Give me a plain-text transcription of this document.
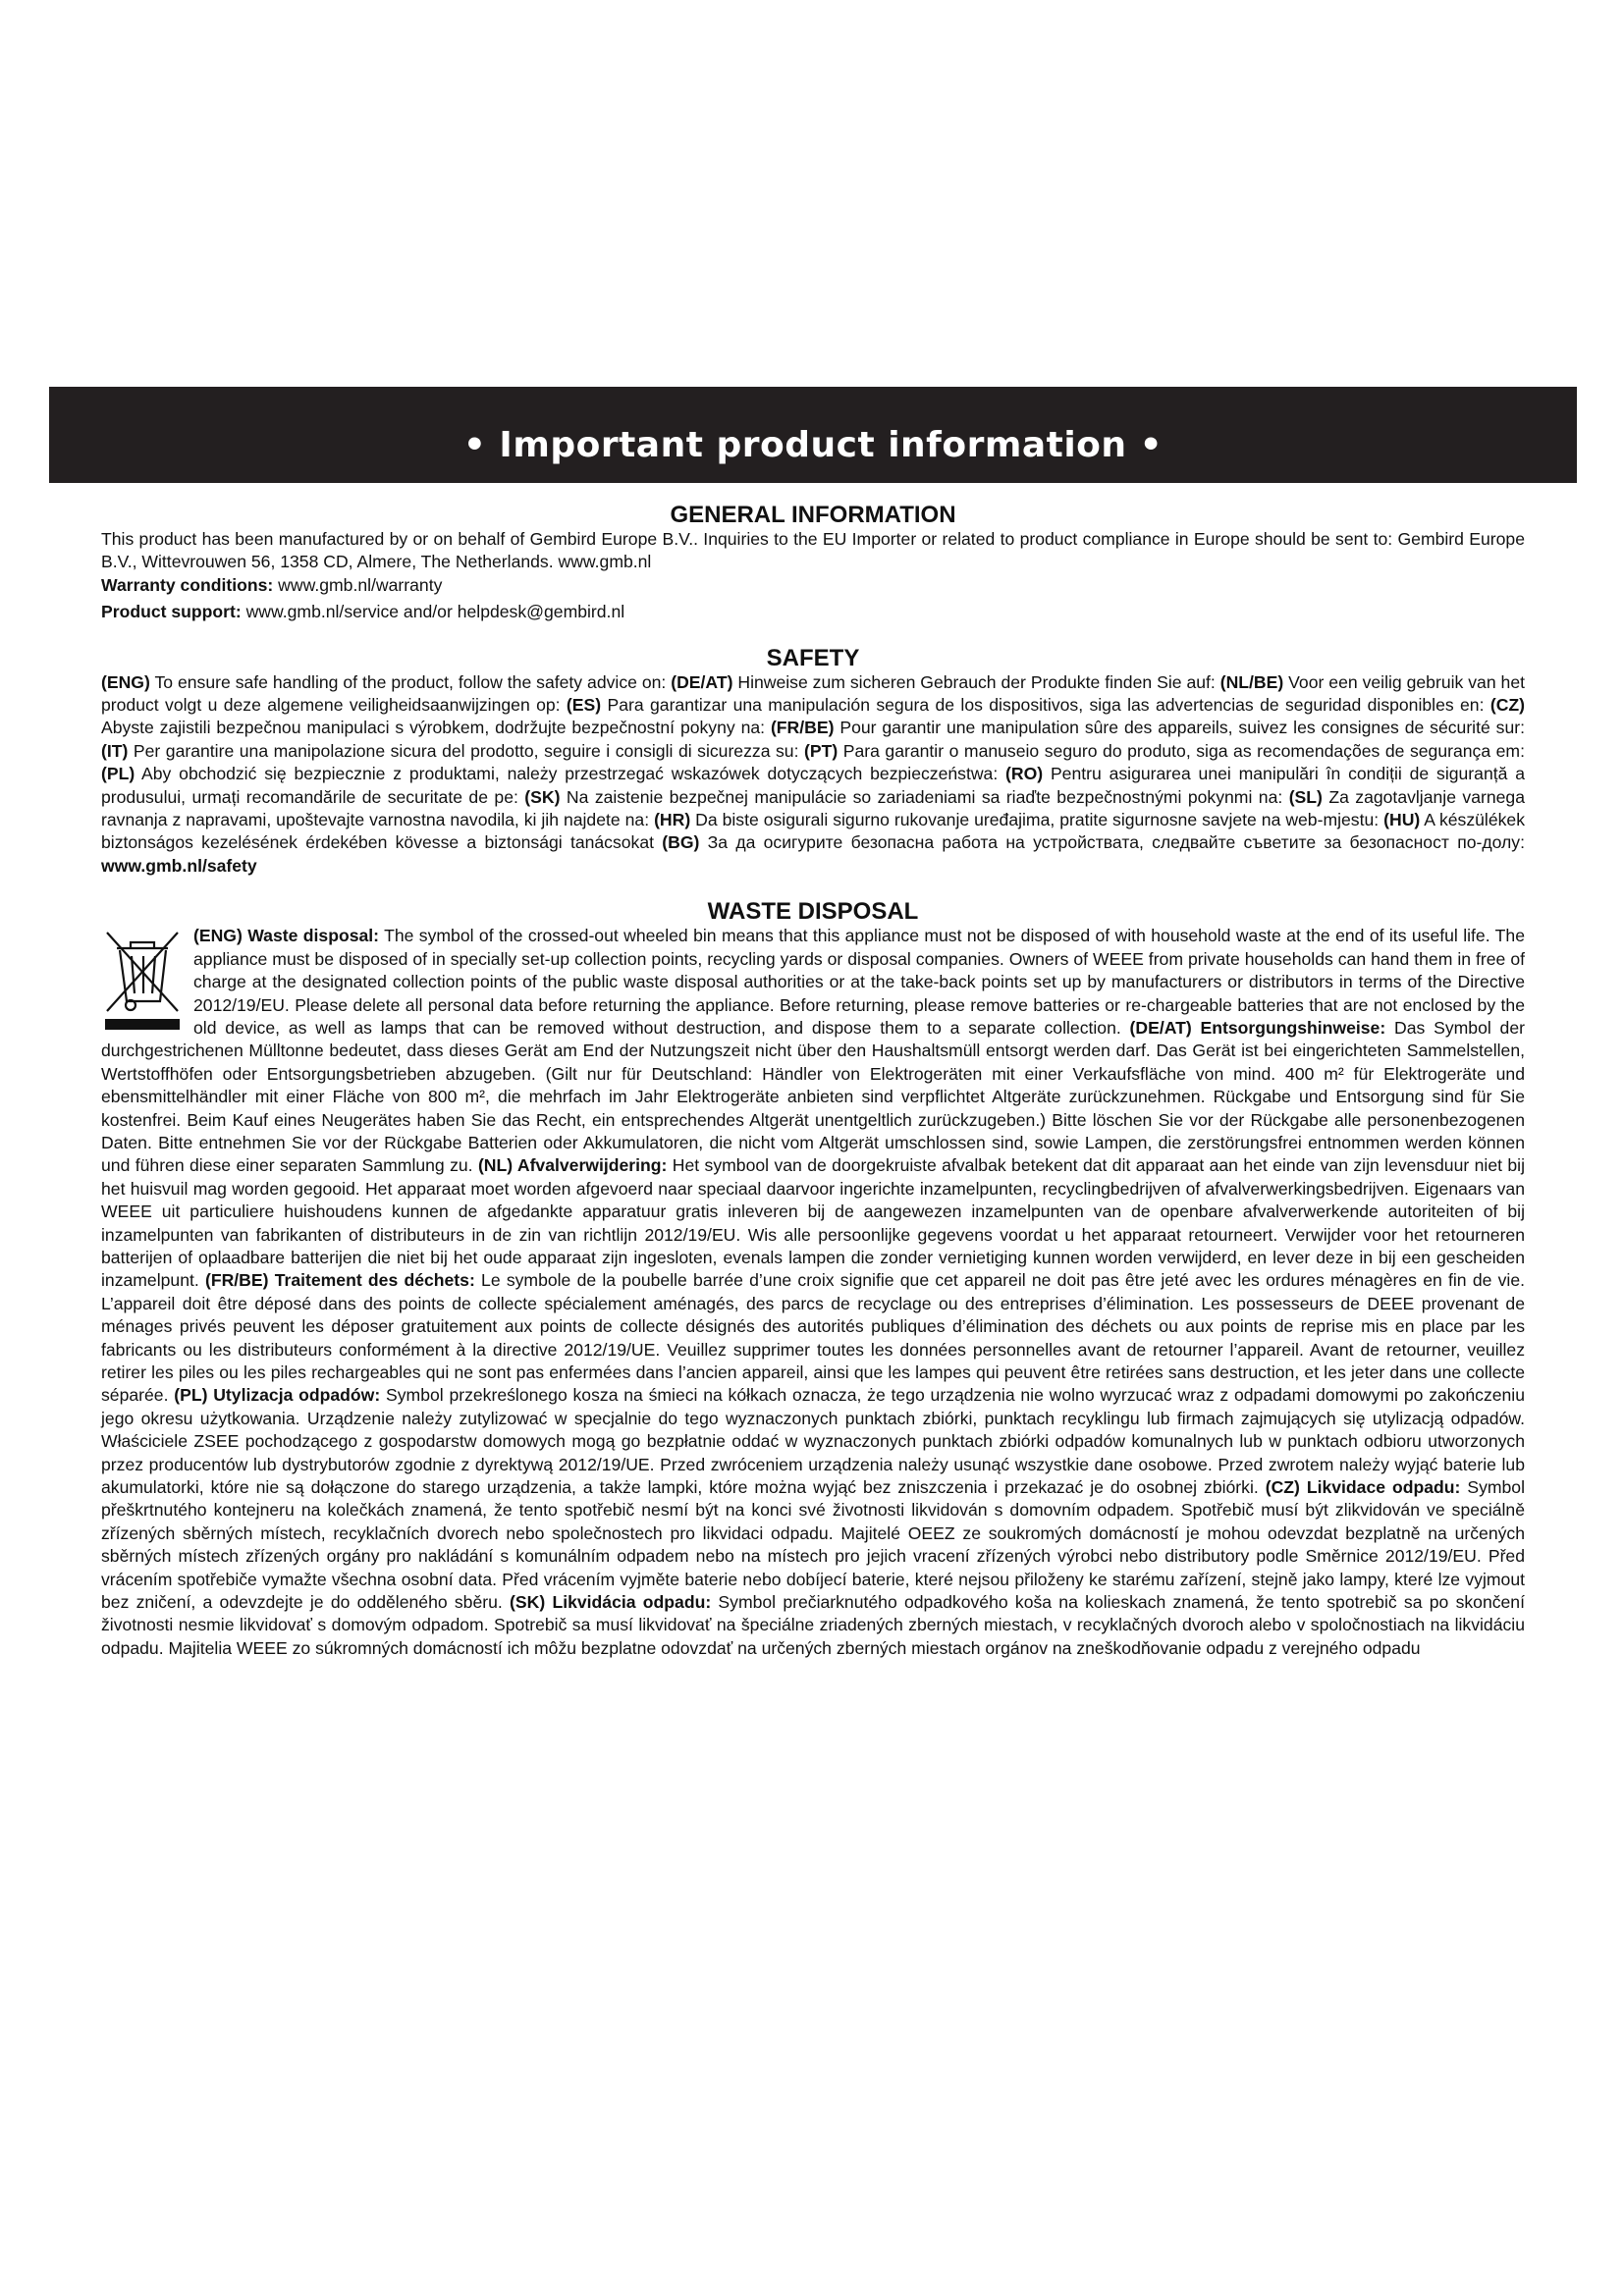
• Important product information •
GENERAL INFORMATION

This product has been manufactured by or on behalf of Gembird Europe B.V.. Inquiries to the EU Importer or related to product compliance in Europe should be sent to: Gembird Europe B.V., Wittevrouwen 56, 1358 CD, Almere, The Netherlands. www.gmb.nl

Warranty conditions: www.gmb.nl/warranty

Product support: www.gmb.nl/service and/or helpdesk@gembird.nl

SAFETY

(ENG) To ensure safe handling of the product, follow the safety advice on: (DE/AT) Hinweise zum sicheren Gebrauch der Produkte finden Sie auf: (NL/BE) Voor een veilig gebruik van het product volgt u deze algemene veiligheidsaanwijzingen op: (ES) Para garantizar una manipulación segura de los dispositivos, siga las advertencias de seguridad disponibles en: (CZ) Abyste zajistili bezpečnou manipulaci s výrobkem, dodržujte bezpečnostní pokyny na: (FR/BE) Pour garantir une manipulation sûre des appareils, suivez les consignes de sécurité sur: (IT) Per garantire una manipolazione sicura del prodotto, seguire i consigli di sicurezza su: (PT) Para garantir o manuseio seguro do produto, siga as recomendações de segurança em: (PL) Aby obchodzić się bezpiecznie z produktami, należy przestrzegać wskazówek dotyczących bezpieczeństwa: (RO) Pentru asigurarea unei manipulări în condiții de siguranță a produsului, urmați recomandările de securitate de pe: (SK) Na zaistenie bezpečnej manipulácie so zariadeniami sa riaďte bezpečnostnými pokynmi na: (SL) Za zagotavljanje varnega ravnanja z napravami, upoštevajte varnostna navodila, ki jih najdete na: (HR) Da biste osigurali sigurno rukovanje uređajima, pratite sigurnosne savjete na web-mjestu: (HU) A készülékek biztonságos kezelésének érdekében kövesse a biztonsági tanácsokat (BG) За да осигурите безопасна работа на устройствата, следвайте съветите за безопасност по-долу: www.gmb.nl/safety

WASTE DISPOSAL

(ENG) Waste disposal: The symbol of the crossed-out wheeled bin means that this appliance must not be disposed of with household waste at the end of its useful life. The appliance must be disposed of in specially set-up collection points, recycling yards or disposal companies. Owners of WEEE from private households can hand them in free of charge at the designated collection points of the public waste disposal authorities or at the take-back points set up by manufacturers or distributors in terms of the Directive 2012/19/EU. Please delete all personal data before returning the appliance. Before returning, please remove batteries or re-chargeable batteries that are not enclosed by the old device, as well as lamps that can be removed without destruction, and dispose them to a separate collection. (DE/AT) Entsorgungshinweise: Das Symbol der durchgestrichenen Mülltonne bedeutet, dass dieses Gerät am End der Nutzungszeit nicht über den Haushaltsmüll entsorgt werden darf. Das Gerät ist bei eingerichteten Sammelstellen, Wertstoffhöfen oder Entsorgungsbetrieben abzugeben. (Gilt nur für Deutschland: Händler von Elektrogeräten mit einer Verkaufsfläche von mind. 400 m² für Elektrogeräte und ebensmittelhändler mit einer Fläche von 800 m², die mehrfach im Jahr Elektrogeräte anbieten sind verpflichtet Altgeräte zurückzunehmen. Rückgabe und Entsorgung sind für Sie kostenfrei. Beim Kauf eines Neugerätes haben Sie das Recht, ein entsprechendes Altgerät unentgeltlich zurückzugeben.) Bitte löschen Sie vor der Rückgabe alle personenbezogenen Daten. Bitte entnehmen Sie vor der Rückgabe Batterien oder Akkumulatoren, die nicht vom Altgerät umschlossen sind, sowie Lampen, die zerstörungsfrei entnommen werden können und führen diese einer separaten Sammlung zu. (NL) Afvalverwijdering: Het symbool van de doorgekruiste afvalbak betekent dat dit apparaat aan het einde van zijn levensduur niet bij het huisvuil mag worden gegooid. Het apparaat moet worden afgevoerd naar speciaal daarvoor ingerichte inzamelpunten, recyclingbedrijven of afvalverwerkingsbedrijven. Eigenaars van WEEE uit particuliere huishoudens kunnen de afgedankte apparatuur gratis inleveren bij de aangewezen inzamelpunten van de openbare afvalverwerkende autoriteiten of bij inzamelpunten van fabrikanten of distributeurs in de zin van richtlijn 2012/19/EU. Wis alle persoonlijke gegevens voordat u het apparaat retourneert. Verwijder voor het retourneren batterijen of oplaadbare batterijen die niet bij het oude apparaat zijn ingesloten, evenals lampen die zonder vernietiging kunnen worden verwijderd, en lever deze in bij een gescheiden inzamelpunt. (FR/BE) Traitement des déchets: Le symbole de la poubelle barrée d’une croix signifie que cet appareil ne doit pas être jeté avec les ordures ménagères en fin de vie. L’appareil doit être déposé dans des points de collecte spécialement aménagés, des parcs de recyclage ou des entreprises d’élimination. Les possesseurs de DEEE provenant de ménages privés peuvent les déposer gratuitement aux points de collecte désignés des autorités publiques d’élimination des déchets ou aux points de reprise mis en place par les fabricants ou les distributeurs conformément à la directive 2012/19/UE. Veuillez supprimer toutes les données personnelles avant de retourner l’appareil. Avant de retourner, veuillez retirer les piles ou les piles rechargeables qui ne sont pas enfermées dans l’ancien appareil, ainsi que les lampes qui peuvent être retirées sans destruction, et les jeter dans une collecte séparée. (PL) Utylizacja odpadów: Symbol przekreślonego kosza na śmieci na kółkach oznacza, że tego urządzenia nie wolno wyrzucać wraz z odpadami domowymi po zakończeniu jego okresu użytkowania. Urządzenie należy zutylizować w specjalnie do tego wyznaczonych punktach zbiórki, punktach recyklingu lub firmach zajmujących się utylizacją odpadów. Właściciele ZSEE pochodzącego z gospodarstw domowych mogą go bezpłatnie oddać w wyznaczonych punktach zbiórki odpadów komunalnych lub w punktach odbioru utworzonych przez producentów lub dystrybutorów zgodnie z dyrektywą 2012/19/UE. Przed zwróceniem urządzenia należy usunąć wszystkie dane osobowe. Przed zwrotem należy wyjąć baterie lub akumulatorki, które nie są dołączone do starego urządzenia, a także lampki, które można wyjąć bez zniszczenia i przekazać je do osobnej zbiórki. (CZ) Likvidace odpadu: Symbol přeškrtnutého kontejneru na kolečkách znamená, že tento spotřebič nesmí být na konci své životnosti likvidován s domovním odpadem. Spotřebič musí být zlikvidován ve speciálně zřízených sběrných místech, recyklačních dvorech nebo společnostech pro likvidaci odpadu. Majitelé OEEZ ze soukromých domácností je mohou odevzdat bezplatně na určených sběrných místech zřízených orgány pro nakládání s komunálním odpadem nebo na místech pro jejich vracení zřízených výrobci nebo distributory podle Směrnice 2012/19/EU. Před vrácením spotřebiče vymažte všechna osobní data. Před vrácením vyjměte baterie nebo dobíjecí baterie, které nejsou přiloženy ke starému zařízení, stejně jako lampy, které lze vyjmout bez zničení, a odevzdejte je do odděleného sběru. (SK) Likvidácia odpadu: Symbol prečiarknutého odpadkového koša na kolieskach znamená, že tento spotrebič sa po skončení životnosti nesmie likvidovať s domovým odpadom. Spotrebič sa musí likvidovať na špeciálne zriadených zberných miestach, v recyklačných dvoroch alebo v spoločnostiach na likvidáciu odpadu. Majitelia WEEE zo súkromných domácností ich môžu bezplatne odovzdať na určených zberných miestach orgánov na zneškodňovanie odpadu z verejného odpadu
